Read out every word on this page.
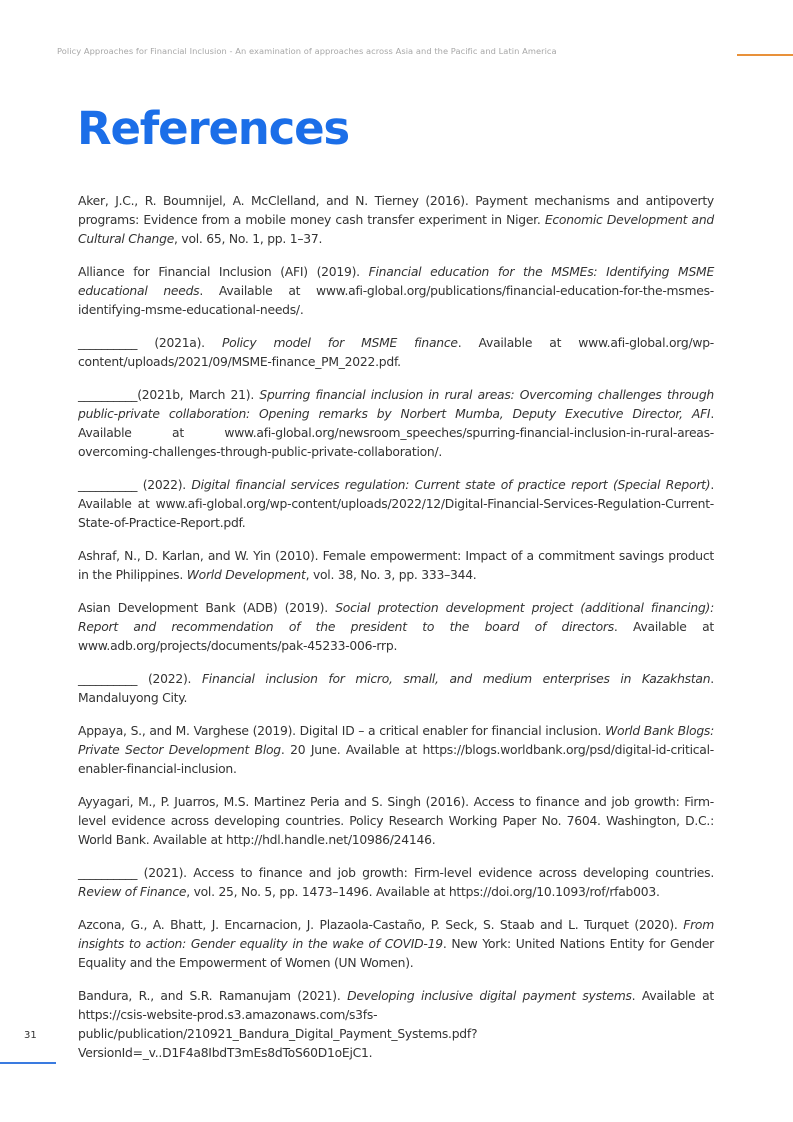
Policy Approaches for Financial Inclusion - An examination of approaches across Asia and the Pacific and Latin America
References

Aker, J.C., R. Boumnijel, A. McClelland, and N. Tierney (2016). Payment mechanisms and antipoverty programs: Evidence from a mobile money cash transfer experiment in Niger. Economic Development and Cultural Change, vol. 65, No. 1, pp. 1–37.

Alliance for Financial Inclusion (AFI) (2019). Financial education for the MSMEs: Identifying MSME educational needs. Available at www.afi-global.org/publications/financial-education-for-the-msmes-identifying-msme-educational-needs/.

__________ (2021a). Policy model for MSME finance. Available at www.afi-global.org/wp-content/uploads/2021/09/MSME-finance_PM_2022.pdf.

__________(2021b, March 21). Spurring financial inclusion in rural areas: Overcoming challenges through public-private collaboration: Opening remarks by Norbert Mumba, Deputy Executive Director, AFI. Available at www.afi-global.org/newsroom_speeches/spurring-financial-inclusion-in-rural-areas-overcoming-challenges-through-public-private-collaboration/.

__________ (2022). Digital financial services regulation: Current state of practice report (Special Report). Available at www.afi-global.org/wp-content/uploads/2022/12/Digital-Financial-Services-Regulation-Current-State-of-Practice-Report.pdf.

Ashraf, N., D. Karlan, and W. Yin (2010). Female empowerment: Impact of a commitment savings product in the Philippines. World Development, vol. 38, No. 3, pp. 333–344.

Asian Development Bank (ADB) (2019). Social protection development project (additional financing): Report and recommendation of the president to the board of directors. Available at www.adb.org/projects/documents/pak-45233-006-rrp.

__________ (2022). Financial inclusion for micro, small, and medium enterprises in Kazakhstan. Mandaluyong City.

Appaya, S., and M. Varghese (2019). Digital ID – a critical enabler for financial inclusion. World Bank Blogs: Private Sector Development Blog. 20 June. Available at https://blogs.worldbank.org/psd/digital-id-critical-enabler-financial-inclusion.

Ayyagari, M., P. Juarros, M.S. Martinez Peria and S. Singh (2016). Access to finance and job growth: Firm-level evidence across developing countries. Policy Research Working Paper No. 7604. Washington, D.C.: World Bank. Available at http://hdl.handle.net/10986/24146.

__________ (2021). Access to finance and job growth: Firm-level evidence across developing countries. Review of Finance, vol. 25, No. 5, pp. 1473–1496. Available at https://doi.org/10.1093/rof/rfab003.

Azcona, G., A. Bhatt, J. Encarnacion, J. Plazaola-Castaño, P. Seck, S. Staab and L. Turquet (2020). From insights to action: Gender equality in the wake of COVID-19. New York: United Nations Entity for Gender Equality and the Empowerment of Women (UN Women).

Bandura, R., and S.R. Ramanujam (2021). Developing inclusive digital payment systems. Available at https://csis-website-prod.s3.amazonaws.com/s3fs-public/publication/210921_Bandura_Digital_Payment_Systems.pdf?VersionId=_v..D1F4a8IbdT3mEs8dToS60D1oEjC1.

31
